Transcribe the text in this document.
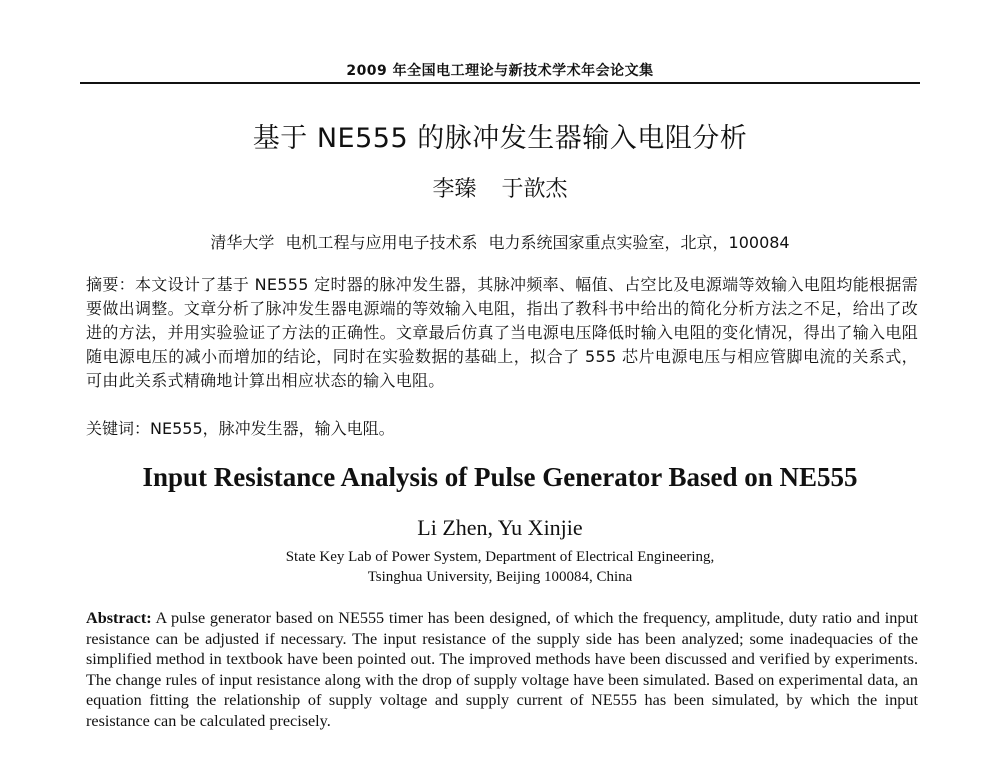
2009 年全国电工理论与新技术学术年会论文集
基于 NE555 的脉冲发生器输入电阻分析
李臻 于歆杰
清华大学 电机工程与应用电子技术系 电力系统国家重点实验室，北京，100084
摘要：本文设计了基于 NE555 定时器的脉冲发生器，其脉冲频率、幅值、占空比及电源端等效输入电阻均能根据需要做出调整。文章分析了脉冲发生器电源端的等效输入电阻，指出了教科书中给出的简化分析方法之不足，给出了改进的方法，并用实验验证了方法的正确性。文章最后仿真了当电源电压降低时输入电阻的变化情况，得出了输入电阻随电源电压的减小而增加的结论，同时在实验数据的基础上，拟合了 555 芯片电源电压与相应管脚电流的关系式，可由此关系式精确地计算出相应状态的输入电阻。
关键词：NE555，脉冲发生器，输入电阻。
Input Resistance Analysis of Pulse Generator Based on NE555
Li Zhen, Yu Xinjie
State Key Lab of Power System, Department of Electrical Engineering,
Tsinghua University, Beijing 100084, China
Abstract: A pulse generator based on NE555 timer has been designed, of which the frequency, amplitude, duty ratio and input resistance can be adjusted if necessary. The input resistance of the supply side has been analyzed; some inadequacies of the simplified method in textbook have been pointed out. The improved methods have been discussed and verified by experiments. The change rules of input resistance along with the drop of supply voltage have been simulated. Based on experimental data, an equation fitting the relationship of supply voltage and supply current of NE555 has been simulated, by which the input resistance can be calculated precisely.
